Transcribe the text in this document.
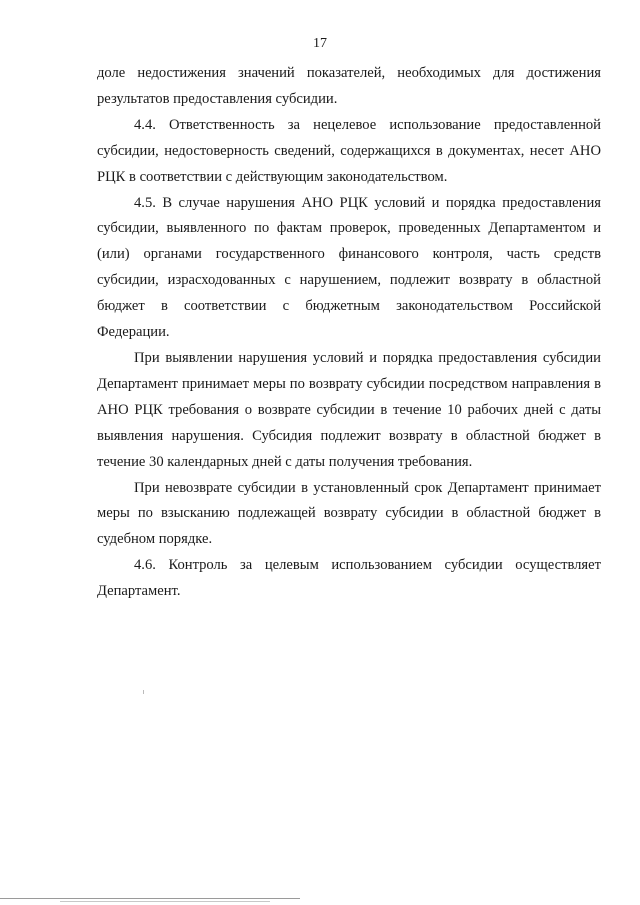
17

доле недостижения значений показателей, необходимых для достижения результатов предоставления субсидии.

4.4. Ответственность за нецелевое использование предоставленной субсидии, недостоверность сведений, содержащихся в документах, несет АНО РЦК в соответствии с действующим законодательством.

4.5. В случае нарушения АНО РЦК условий и порядка предоставления субсидии, выявленного по фактам проверок, проведенных Департаментом и (или) органами государственного финансового контроля, часть средств субсидии, израсходованных с нарушением, подлежит возврату в областной бюджет в соответствии с бюджетным законодательством Российской Федерации.

При выявлении нарушения условий и порядка предоставления субсидии Департамент принимает меры по возврату субсидии посредством направления в АНО РЦК требования о возврате субсидии в течение 10 рабочих дней с даты выявления нарушения. Субсидия подлежит возврату в областной бюджет в течение 30 календарных дней с даты получения требования.

При невозврате субсидии в установленный срок Департамент принимает меры по взысканию подлежащей возврату субсидии в областной бюджет в судебном порядке.

4.6. Контроль за целевым использованием субсидии осуществляет Департамент.
